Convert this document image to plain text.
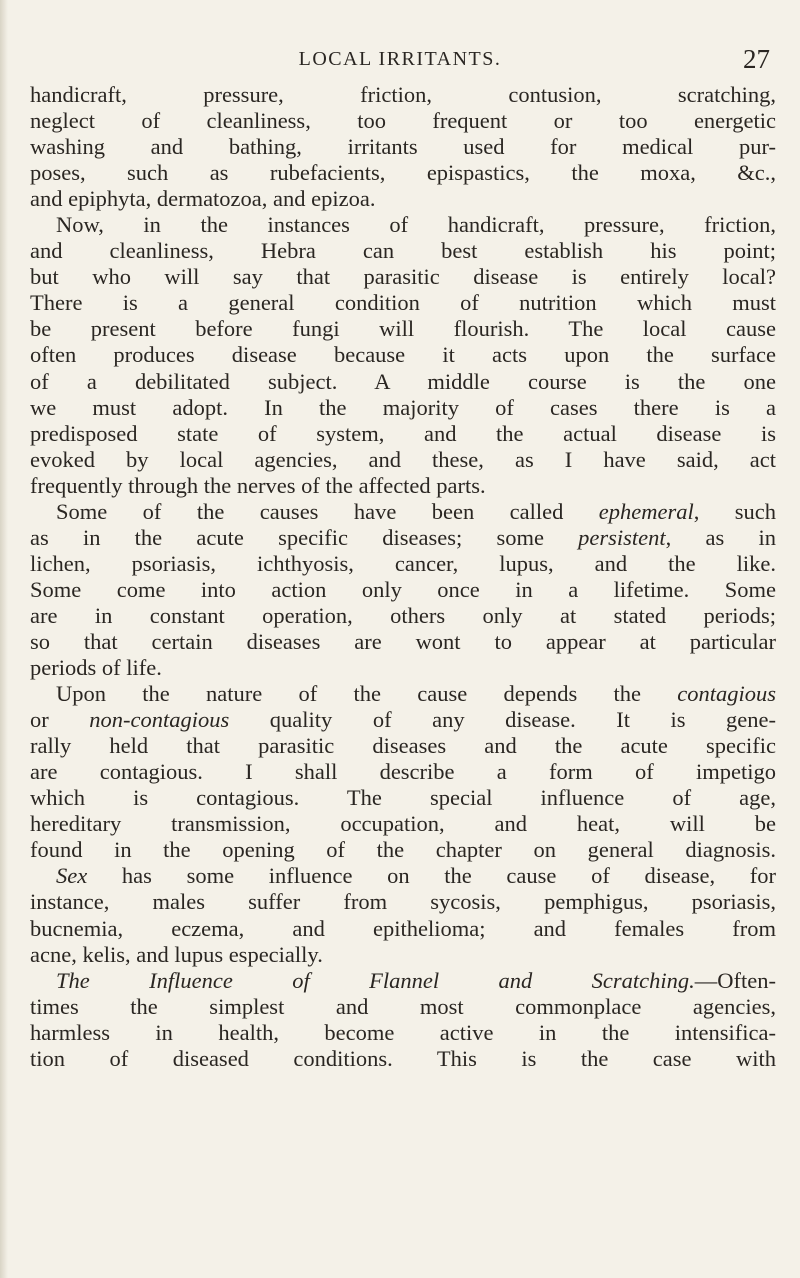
LOCAL IRRITANTS.	27
handicraft, pressure, friction, contusion, scratching,
neglect of cleanliness, too frequent or too energetic
washing and bathing, irritants used for medical pur-
poses, such as rubefacients, epispastics, the moxa, &c.,
and epiphyta, dermatozoa, and epizoa.
Now, in the instances of handicraft, pressure, friction,
and cleanliness, Hebra can best establish his point;
but who will say that parasitic disease is entirely local?
There is a general condition of nutrition which must
be present before fungi will flourish. The local cause
often produces disease because it acts upon the surface
of a debilitated subject. A middle course is the one
we must adopt. In the majority of cases there is a
predisposed state of system, and the actual disease is
evoked by local agencies, and these, as I have said, act
frequently through the nerves of the affected parts.
Some of the causes have been called ephemeral, such
as in the acute specific diseases; some persistent, as in
lichen, psoriasis, ichthyosis, cancer, lupus, and the like.
Some come into action only once in a lifetime. Some
are in constant operation, others only at stated periods;
so that certain diseases are wont to appear at particular
periods of life.
Upon the nature of the cause depends the contagious
or non-contagious quality of any disease. It is gene-
rally held that parasitic diseases and the acute specific
are contagious. I shall describe a form of impetigo
which is contagious. The special influence of age,
hereditary transmission, occupation, and heat, will be
found in the opening of the chapter on general diagnosis.
Sex has some influence on the cause of disease, for
instance, males suffer from sycosis, pemphigus, psoriasis,
bucnemia, eczema, and epithelioma; and females from
acne, kelis, and lupus especially.
The Influence of Flannel and Scratching.—Often-
times the simplest and most commonplace agencies,
harmless in health, become active in the intensifica-
tion of diseased conditions. This is the case with
